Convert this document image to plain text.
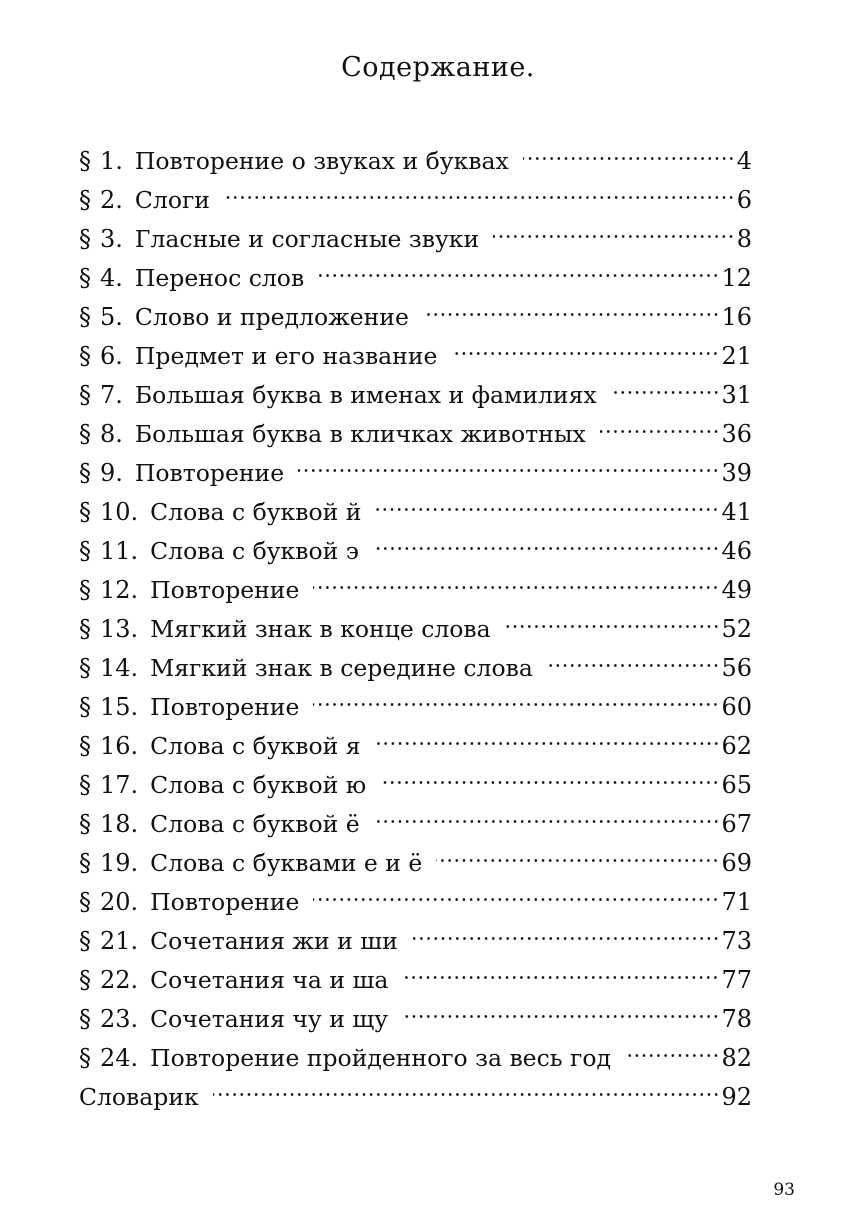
Содержание.
§ 1. Повторение о звуках и буквах	4
§ 2. Слоги	6
§ 3. Гласные и согласные звуки	8
§ 4. Перенос слов	12
§ 5. Слово и предложение	16
§ 6. Предмет и его название	21
§ 7. Большая буква в именах и фамилиях	31
§ 8. Большая буква в кличках животных	36
§ 9. Повторение	39
§ 10. Слова с буквой й	41
§ 11. Слова с буквой э	46
§ 12. Повторение	49
§ 13. Мягкий знак в конце слова	52
§ 14. Мягкий знак в середине слова	56
§ 15. Повторение	60
§ 16. Слова с буквой я	62
§ 17. Слова с буквой ю	65
§ 18. Слова с буквой ё	67
§ 19. Слова с буквами е и ё	69
§ 20. Повторение	71
§ 21. Сочетания жи и ши	73
§ 22. Сочетания ча и ша	77
§ 23. Сочетания чу и щу	78
§ 24. Повторение пройденного за весь год	82
Словарик	92
93
